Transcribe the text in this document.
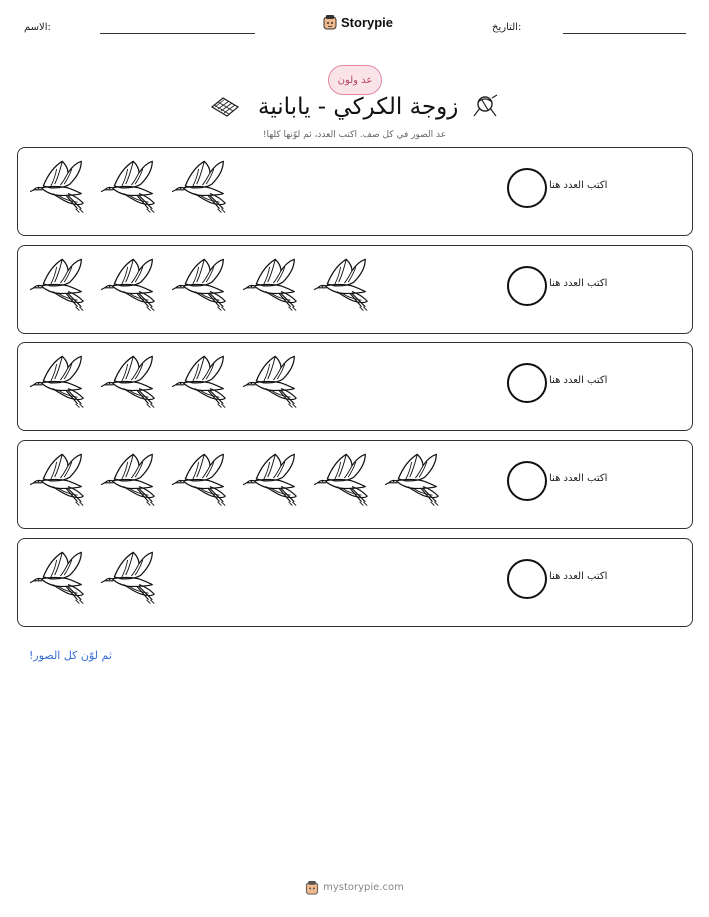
الاسم:	Storypie	التاريخ:
عد ولون
زوجة الكركي - يابانية
عد الصور في كل صف. اكتب العدد، ثم لوّنها كلها!
اكتب العدد هنا
اكتب العدد هنا
اكتب العدد هنا
اكتب العدد هنا
اكتب العدد هنا
ثم لوّن كل الصور!
mystorypie.com
